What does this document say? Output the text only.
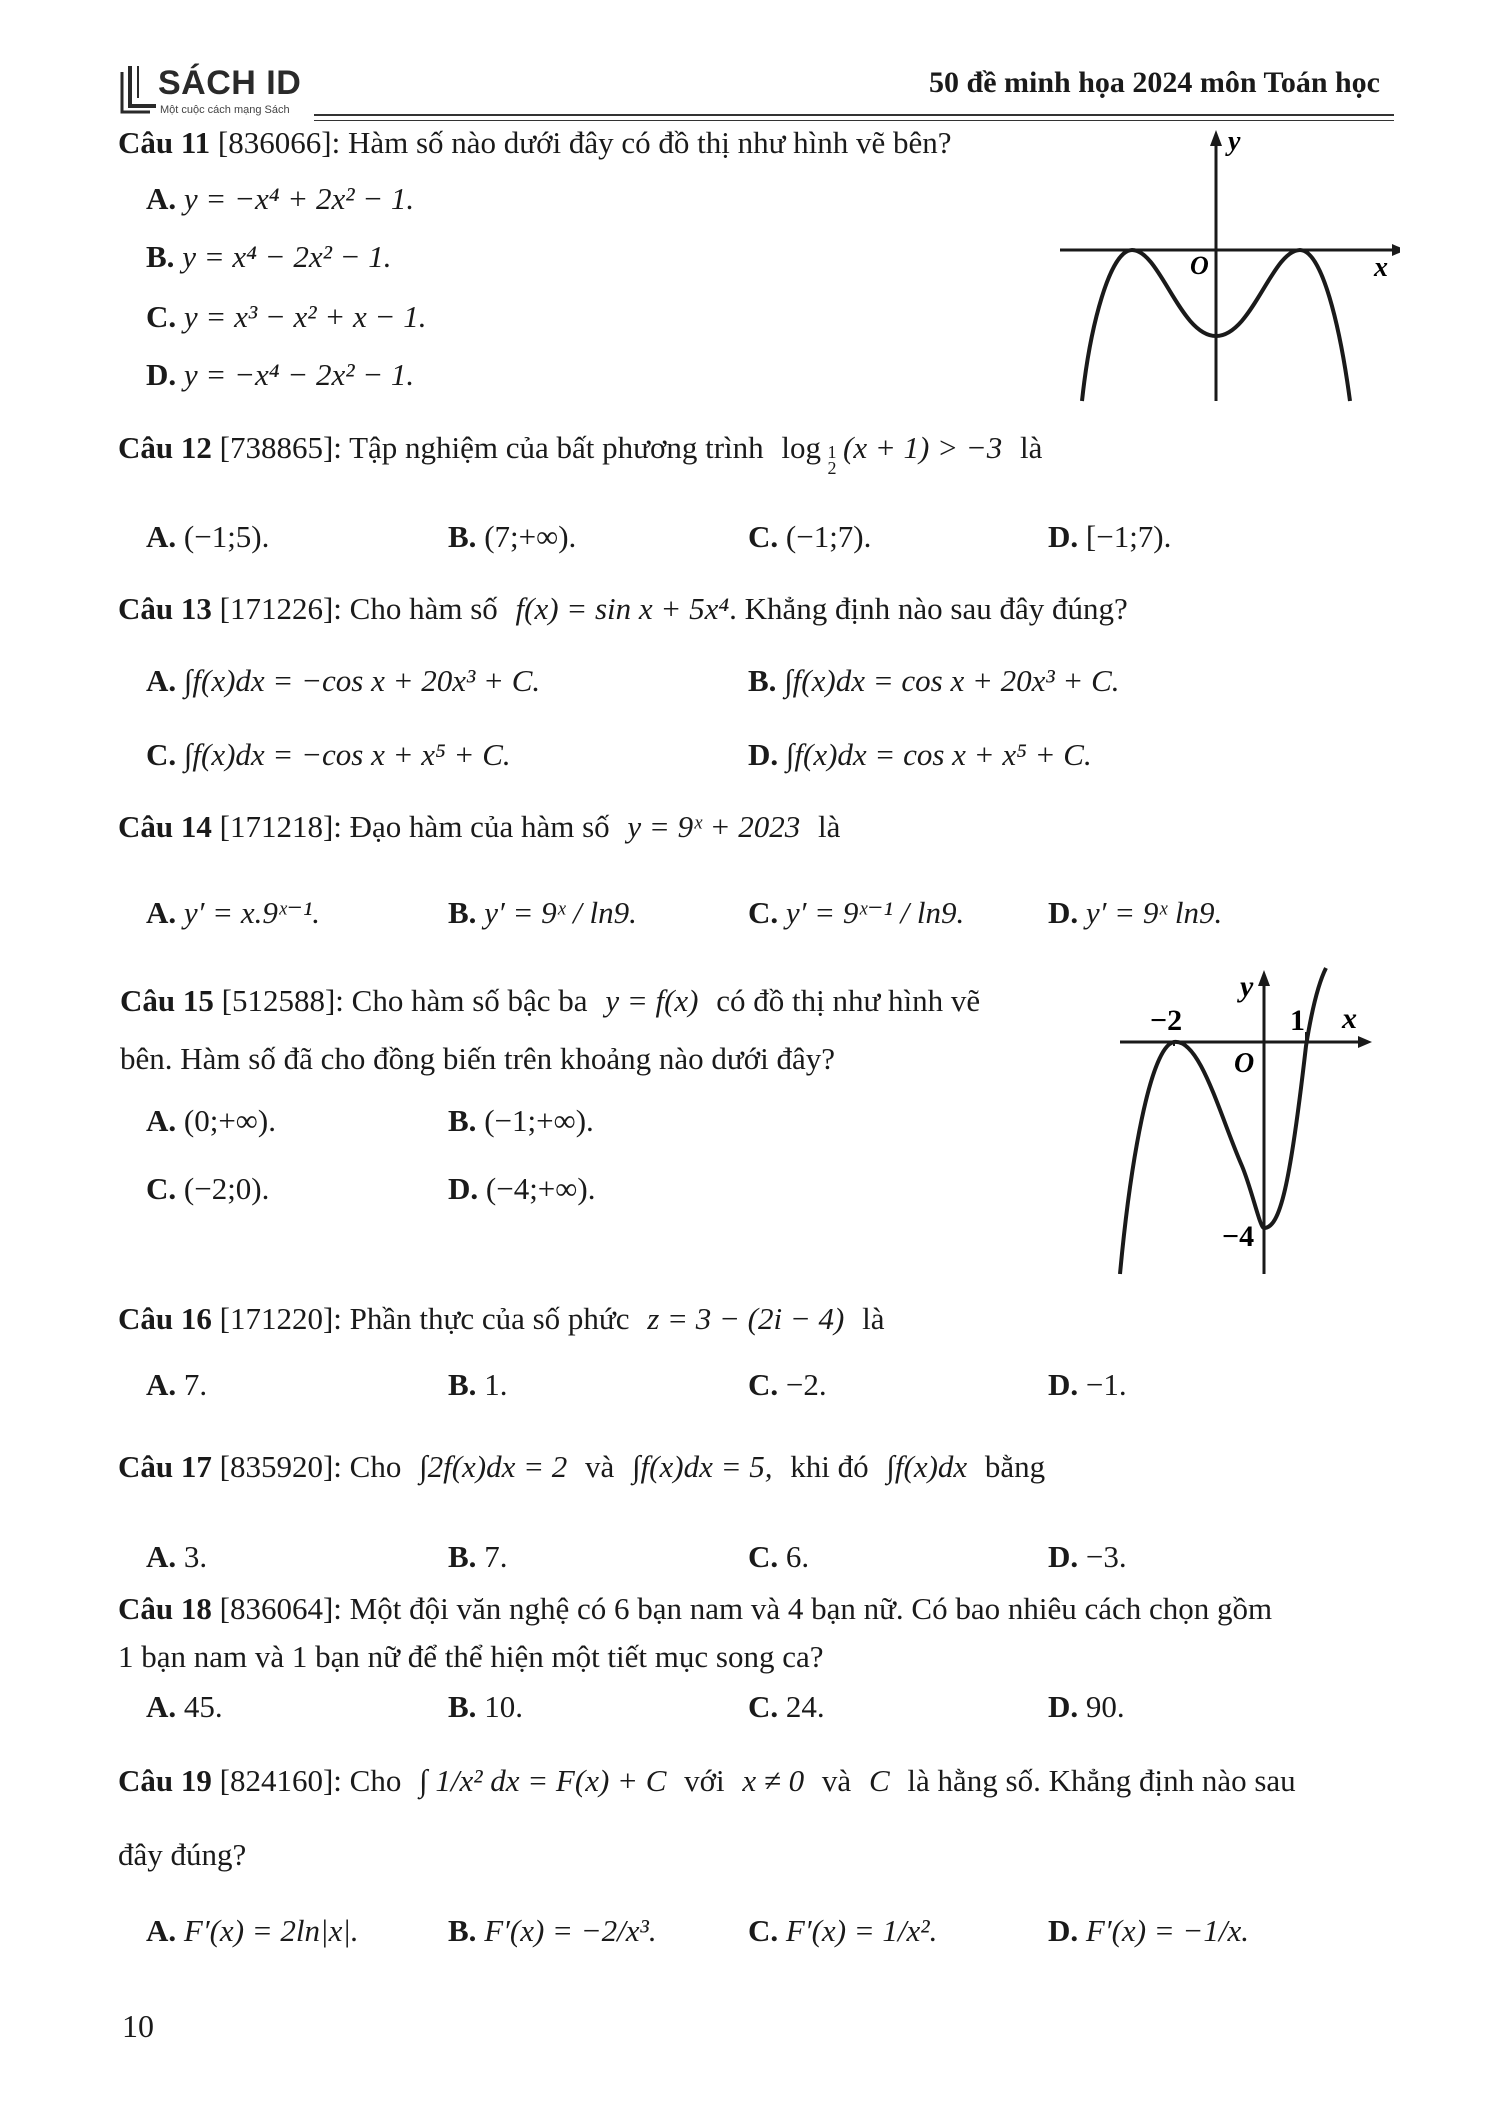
SÁCH ID
Một cuộc cách mạng Sách
50 đề minh họa 2024 môn Toán học
Câu 11 [836066]: Hàm số nào dưới đây có đồ thị như hình vẽ bên?
A. y = −x⁴ + 2x² − 1.
B. y = x⁴ − 2x² − 1.
C. y = x³ − x² + x − 1.
D. y = −x⁴ − 2x² − 1.
x
y
O
Câu 12 [738865]: Tập nghiệm của bất phương trình log 1
2(x + 1) > −3 là
A. (−1;5).	B. (7;+∞).	C. (−1;7).	D. [−1;7).
Câu 13 [171226]: Cho hàm số f(x) = sin x + 5x⁴. Khẳng định nào sau đây đúng?
A. ∫f(x)dx = −cos x + 20x³ + C.	B. ∫f(x)dx = cos x + 20x³ + C.
C. ∫f(x)dx = −cos x + x⁵ + C.	D. ∫f(x)dx = cos x + x⁵ + C.
Câu 14 [171218]: Đạo hàm của hàm số y = 9ˣ + 2023 là
A. y′ = x.9ˣ⁻¹.	B. y′ = 9ˣ / ln9.	C. y′ = 9ˣ⁻¹ / ln9.	D. y′ = 9ˣ ln9.
Câu 15 [512588]: Cho hàm số bậc ba y = f(x) có đồ thị như hình vẽ
bên. Hàm số đã cho đồng biến trên khoảng nào dưới đây?
A. (0;+∞).	B. (−1;+∞).
C. (−2;0).	D. (−4;+∞).
−2	1
−4
x
y
O
Câu 16 [171220]: Phần thực của số phức z = 3 − (2i − 4) là
A. 7.	B. 1.	C. −2.	D. −1.
Câu 17 [835920]: Cho ∫2f(x)dx = 2 và ∫f(x)dx = 5, khi đó ∫f(x)dx bằng
A. 3.	B. 7.	C. 6.	D. −3.
Câu 18 [836064]: Một đội văn nghệ có 6 bạn nam và 4 bạn nữ. Có bao nhiêu cách chọn gồm
1 bạn nam và 1 bạn nữ để thể hiện một tiết mục song ca?
A. 45.	B. 10.	C. 24.	D. 90.
Câu 19 [824160]: Cho ∫ 1/x² dx = F(x) + C với x ≠ 0 và C là hằng số. Khẳng định nào sau
đây đúng?
A. F′(x) = 2ln|x|.	B. F′(x) = −2/x³.	C. F′(x) = 1/x².	D. F′(x) = −1/x.
10
